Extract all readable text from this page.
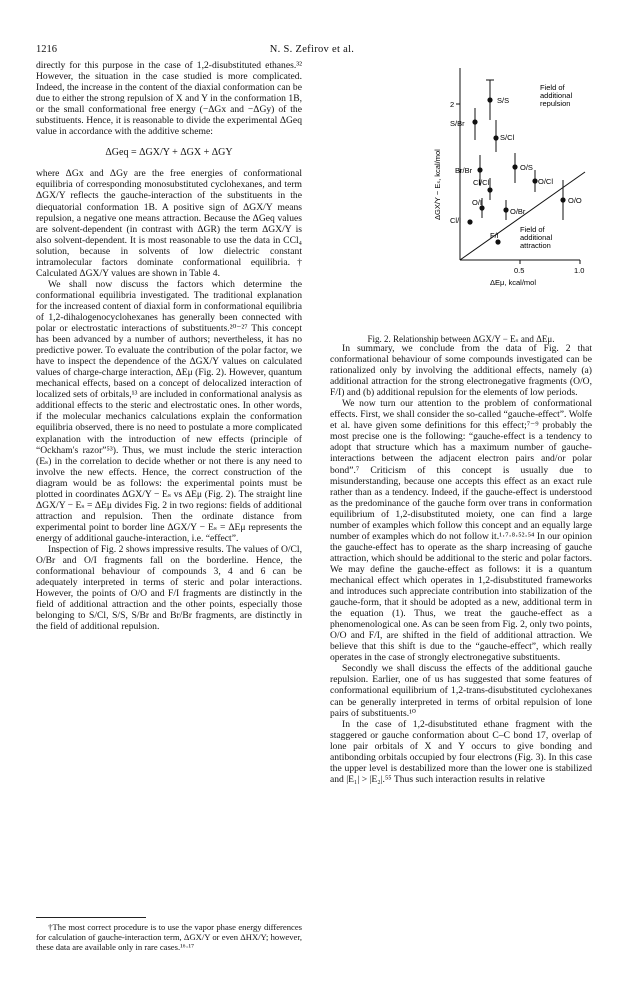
1216	N. S. Zefirov et al.

directly for this purpose in the case of 1,2-disubstituted ethanes.³² However, the situation in the case studied is more complicated. Indeed, the increase in the content of the diaxial conformation can be due to either the strong repulsion of X and Y in the conformation 1B, or the small conformational free energy (−ΔGx and −ΔGy) of the substituents. Hence, it is reasonable to divide the experimental ΔGeq value in accordance with the additive scheme:

ΔGeq = ΔGX/Y + ΔGX + ΔGY

where ΔGx and ΔGy are the free energies of conformational equilibria of corresponding monosubstituted cyclohexanes, and term ΔGX/Y reflects the gauche-interaction of the substituents in the diequatorial conformation 1B. A positive sign of ΔGX/Y means repulsion, a negative one means attraction. Because the ΔGeq values are solvent-dependent (in contrast with ΔGR) the term ΔGX/Y is also solvent-dependent. It is most reasonable to use the data in CCl₄ solution, because in solvents of low dielectric constant intramolecular factors dominate conformational equilibria.† Calculated ΔGX/Y values are shown in Table 4.

We shall now discuss the factors which determine the conformational equilibria investigated. The traditional explanation for the increased content of diaxial form in conformational equilibria of 1,2-dihalogenocyclohexanes has generally been connected with polar or electrostatic interactions of substituents.²⁰⁻²⁷ This concept has been advanced by a number of authors; nevertheless, it has no predictive power. To evaluate the contribution of the polar factor, we have to inspect the dependence of the ΔGX/Y values on calculated values of charge-charge interaction, ΔEμ (Fig. 2). However, quantum mechanical effects, based on a concept of delocalized interaction of localized sets of orbitals,¹³ are included in conformational analysis as additional effects to the steric and electrostatic ones. In other words, if the molecular mechanics calculations explain the conformation equilibria observed, there is no need to postulate a more complicated explanation with the introduction of new effects (principle of “Ockham's razor”⁵³). Thus, we must include the steric interaction (Eₛ) in the correlation to decide whether or not there is any need to involve the new effects. Hence, the correct construction of the diagram would be as follows: the experimental points must be plotted in coordinates ΔGX/Y − Eₛ vs ΔEμ (Fig. 2). The straight line ΔGX/Y − Eₛ = ΔEμ divides Fig. 2 in two regions: fields of additional attraction and repulsion. Then the ordinate distance from experimental point to border line ΔGX/Y − Eₛ = ΔEμ represents the energy of additional gauche-interaction, i.e. “effect”.

Inspection of Fig. 2 shows impressive results. The values of O/Cl, O/Br and O/I fragments fall on the borderline. Hence, the conformational behaviour of compounds 3, 4 and 6 can be adequately interpreted in terms of steric and polar interactions. However, the points of O/O and F/I fragments are distinctly in the field of additional attraction and the other points, especially those belonging to S/Cl, S/S, S/Br and Br/Br fragments, are distinctly in the field of additional repulsion.

†The most correct procedure is to use the vapor phase energy differences for calculation of gauche-interaction term, ΔGX/Y or even ΔHX/Y; however, these data are available only in rare cases.¹⁶·¹⁷

S/S
S/Br
S/Cl
Br/Br	O/S
Cl/Cl	O/Cl
O/I
O/Br
O/O
Cl/I
F/I
2
0.5	1.0
Field of
additional
repulsion
Field of
additional
attraction
ΔEμ, kcal/mol
ΔGX/Y − Eₛ, kcal/mol
Fig. 2. Relationship between ΔGX/Y − Eₛ and ΔEμ.

In summary, we conclude from the data of Fig. 2 that conformational behaviour of some compounds investigated can be rationalized only by involving the additional effects, namely (a) additional attraction for the strong electronegative fragments (O/O, F/I) and (b) additional repulsion for the elements of low periods.

We now turn our attention to the problem of conformational effects. First, we shall consider the so-called “gauche-effect”. Wolfe et al. have given some definitions for this effect;⁷⁻⁹ probably the most precise one is the following: “gauche-effect is a tendency to adopt that structure which has a maximum number of gauche-interactions between the adjacent electron pairs and/or polar bond”.⁷ Criticism of this concept is usually due to misunderstanding, because one accepts this effect as an exact rule rather than as a tendency. Indeed, if the gauche-effect is understood as the predominance of the gauche form over trans in conformation equilibrium of 1,2-disubstituted moiety, one can find a large number of examples which follow this concept and an equally large number of examples which do not follow it.¹·⁷·⁸·⁵²·⁵⁴ In our opinion the gauche-effect has to operate as the sharp increasing of gauche attraction, which should be additional to the steric and polar factors. We may define the gauche-effect as follows: it is a quantum mechanical effect which operates in 1,2-disubstituted frameworks and introduces such appreciate contribution into stabilization of the gauche-form, that it should be adopted as a new, additional term in the equation (1). Thus, we treat the gauche-effect as a phenomenological one. As can be seen from Fig. 2, only two points, O/O and F/I, are shifted in the field of additional attraction. We believe that this shift is due to the “gauche-effect”, which really operates in the case of strongly electronegative substituents.

Secondly we shall discuss the effects of the additional gauche repulsion. Earlier, one of us has suggested that some features of conformational equilibrium of 1,2-trans-disubstituted cyclohexanes can be generally interpreted in terms of orbital repulsion of lone pairs of substituents.¹⁰

In the case of 1,2-disubstituted ethane fragment with the staggered or gauche conformation about C–C bond 17, overlap of lone pair orbitals of X and Y occurs to give bonding and antibonding orbitals occupied by four electrons (Fig. 3). In this case the upper level is destabilized more than the lower one is stabilized and |E₁| > |E₂|.⁵⁵ Thus such interaction results in relative
